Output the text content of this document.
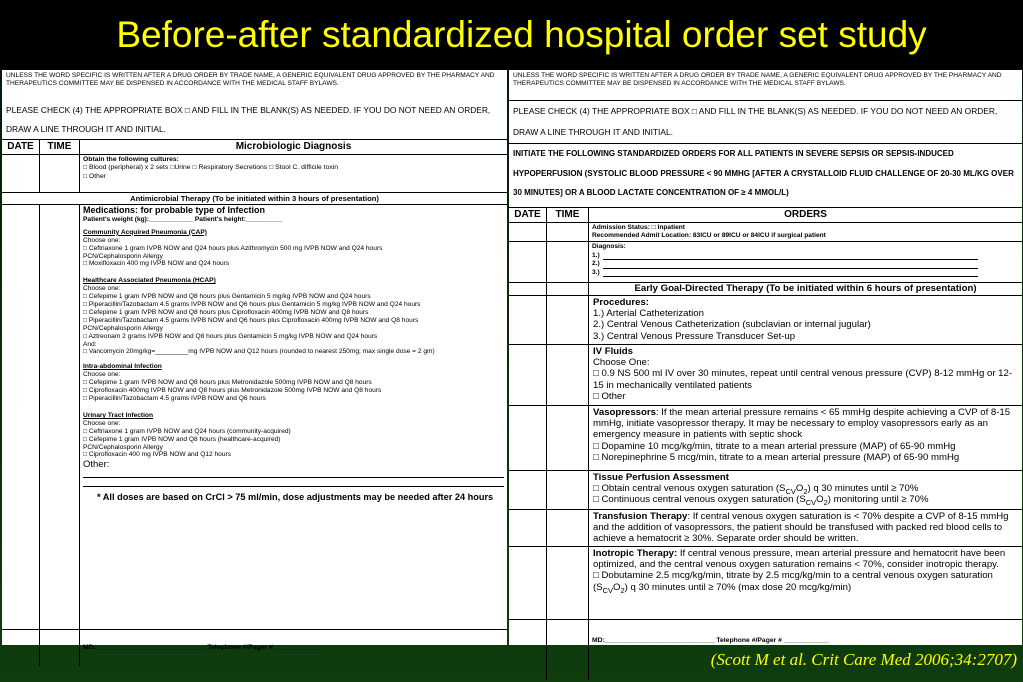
Before-after standardized hospital order set study
UNLESS THE WORD SPECIFIC IS WRITTEN AFTER A DRUG ORDER BY TRADE NAME, A GENERIC EQUIVALENT DRUG APPROVED BY THE PHARMACY AND THERAPEUTICS COMMITTEE MAY BE DISPENSED IN ACCORDANCE WITH THE MEDICAL STAFF BYLAWS.
PLEASE CHECK (4) THE APPROPRIATE BOX □ AND FILL IN THE BLANK(S) AS NEEDED. IF YOU DO NOT NEED AN ORDER, DRAW A LINE THROUGH IT AND INITIAL.
DATE	TIME	Microbiologic Diagnosis
Obtain the following cultures:
□ Blood (peripheral) x 2 sets □Urine □ Respiratory Secretions □ Stool C. difficile toxin
□ Other
Antimicrobial Therapy (To be initiated within 3 hours of presentation)
Medications: for probable type of Infection
Patient's weight (kg):____________ Patient's height:__________
Community Acquired Pneumonia (CAP)
Choose one:
□ Ceftriaxone 1 gram IVPB NOW and Q24 hours plus Azithromycin 500 mg IVPB NOW and Q24 hours
PCN/Cephalosporin Allergy
□ Moxifloxacin 400 mg IVPB NOW and Q24 hours
Healthcare Associated Pneumonia (HCAP)
Choose one:
□ Cefepime 1 gram IVPB NOW and Q8 hours plus Gentamicin 5 mg/kg IVPB NOW and Q24 hours
□ Piperacillin/Tazobactam 4.5 grams IVPB NOW and Q6 hours plus Gentamicin 5 mg/kg IVPB NOW and Q24 hours
□ Cefepime 1 gram IVPB NOW and Q8 hours plus Ciprofloxacin 400mg IVPB NOW and Q8 hours
□ Piperacillin/Tazobactam 4.5 grams IVPB NOW and Q6 hours plus Ciprofloxacin 400mg IVPB NOW and Q8 hours
PCN/Cephalosporin Allergy
□ Aztreonam 2 grams IVPB NOW and Q8 hours plus Gentamicin 5 mg/kg IVPB NOW and Q24 hours
And:
□ Vancomycin 20mg/kg=_________mg IVPB NOW and Q12 hours (rounded to nearest 250mg; max single dose = 2 gm)
Intra-abdominal Infection
Choose one:
□ Cefepime 1 gram IVPB NOW and Q8 hours plus Metronidazole 500mg IVPB NOW and Q8 hours
□ Ciprofloxacin 400mg IVPB NOW and Q8 hours plus Metronidazole 500mg IVPB NOW and Q8 hours
□ Piperacillin/Tazobactam 4.5 grams IVPB NOW and Q6 hours
Urinary Tract Infection
Choose one:
□ Ceftriaxone 1 gram IVPB NOW and Q24 hours (community-acquired)
□ Cefepime 1 gram IVPB NOW and Q8 hours (healthcare-acquired)
PCN/Cephalosporin Allergy
□ Ciprofloxacin 400 mg IVPB NOW and Q12 hours
Other:
* All doses are based on CrCl > 75 ml/min, dose adjustments may be needed after 24 hours
MD:_____________________________ Telephone #/Pager # ____________
UNLESS THE WORD SPECIFIC IS WRITTEN AFTER A DRUG ORDER BY TRADE NAME, A GENERIC EQUIVALENT DRUG APPROVED BY THE PHARMACY AND THERAPEUTICS COMMITTEE MAY BE DISPENSED IN ACCORDANCE WITH THE MEDICAL STAFF BYLAWS.
PLEASE CHECK (4) THE APPROPRIATE BOX □ AND FILL IN THE BLANK(S) AS NEEDED. IF YOU DO NOT NEED AN ORDER, DRAW A LINE THROUGH IT AND INITIAL.
INITIATE THE FOLLOWING STANDARDIZED ORDERS FOR ALL PATIENTS IN SEVERE SEPSIS OR SEPSIS-INDUCED HYPOPERFUSION (SYSTOLIC BLOOD PRESSURE < 90 MMHG [AFTER A CRYSTALLOID FLUID CHALLENGE OF 20-30 ML/KG OVER 30 MINUTES] OR A BLOOD LACTATE CONCENTRATION OF ≥ 4 MMOL/L)
DATE	TIME	ORDERS
Admission Status: □ Inpatient
Recommended Admit Location: 83ICU or 89ICU or 84ICU if surgical patient
Diagnosis:
1.)
2.)
3.)
Early Goal-Directed Therapy (To be initiated within 6 hours of presentation)

Procedures:

1.) Arterial Catheterization

2.) Central Venous Catheterization (subclavian or internal jugular)

3.) Central Venous Pressure Transducer Set-up

IV Fluids

Choose One:

□ 0.9 NS 500 ml IV over 30 minutes, repeat until central venous pressure (CVP) 8-12 mmHg or 12-15 in mechanically ventilated patients

□ Other

Vasopressors: If the mean arterial pressure remains < 65 mmHg despite achieving a CVP of 8-15 mmHg, initiate vasopressor therapy. It may be necessary to employ vasopressors early as an emergency measure in patients with septic shock

□ Dopamine 10 mcg/kg/min, titrate to a mean arterial pressure (MAP) of 65-90 mmHg

□ Norepinephrine 5 mcg/min, titrate to a mean arterial pressure (MAP) of 65-90 mmHg

Tissue Perfusion Assessment

□ Obtain central venous oxygen saturation $(S_{CV}O_2)$ q 30 minutes until ≥ 70%

□ Continuous central venous oxygen saturation $(S_{CV}O_2)$ monitoring until ≥ 70%

Transfusion Therapy: If central venous oxygen saturation is < 70% despite a CVP of 8-15 mmHg and the addition of vasopressors, the patient should be transfused with packed red blood cells to achieve a hematocrit ≥ 30%. Separate order should be written.

Inotropic Therapy: If central venous pressure, mean arterial pressure and hematocrit have been optimized, and the central venous oxygen saturation remains < 70%, consider inotropic therapy.

□ Dobutamine 2.5 mcg/kg/min, titrate by 2.5 mcg/kg/min to a central venous oxygen saturation $(S_{CV}O_2)$ q 30 minutes until ≥ 70% (max dose 20 mcg/kg/min)

MD:_____________________________ Telephone #/Pager # ____________
(Scott M et al. Crit Care Med 2006;34:2707)
